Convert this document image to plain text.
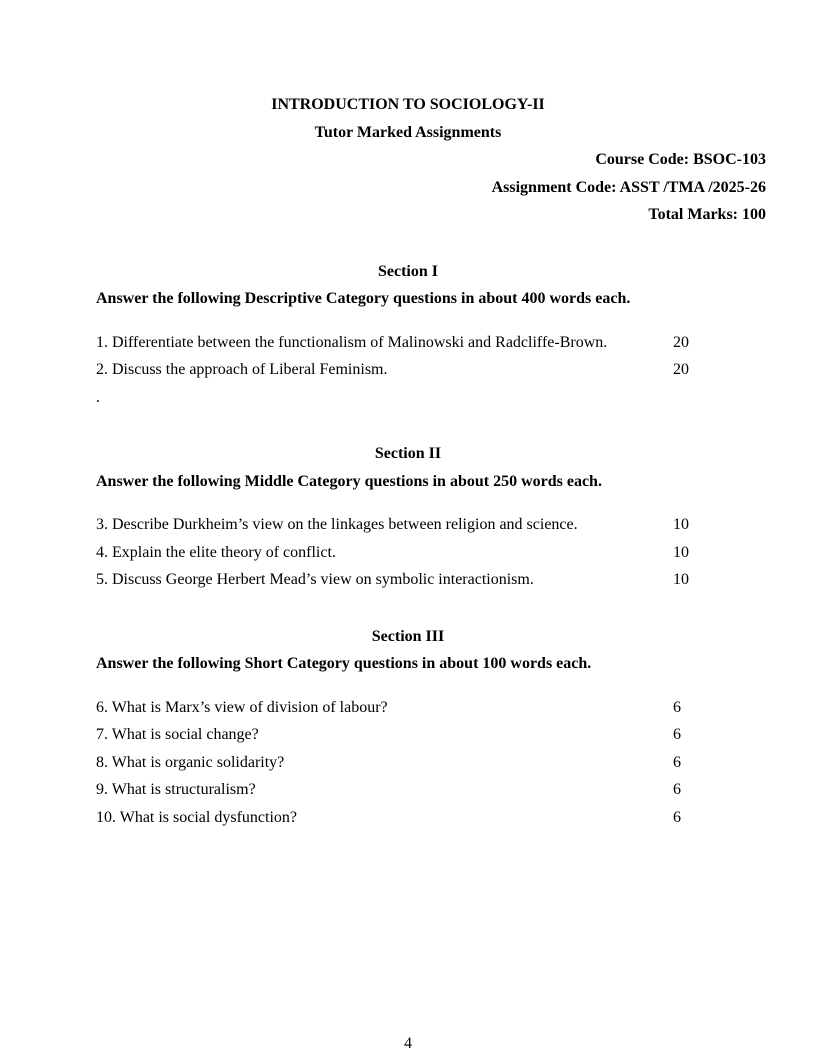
INTRODUCTION TO SOCIOLOGY-II
Tutor Marked Assignments
Course Code: BSOC-103
Assignment Code: ASST /TMA /2025-26
Total Marks: 100
Section I
Answer the following Descriptive Category questions in about 400 words each.
1. Differentiate between the functionalism of Malinowski and Radcliffe-Brown.	20
2. Discuss the approach of Liberal Feminism.	20
.
Section II
Answer the following Middle Category questions in about 250 words each.
3. Describe Durkheim’s view on the linkages between religion and science.	10
4. Explain the elite theory of conflict.	10
5. Discuss George Herbert Mead’s view on symbolic interactionism.	10
Section III
Answer the following Short Category questions in about 100 words each.
6. What is Marx’s view of division of labour?	6
7. What is social change?	6
8. What is organic solidarity?	6
9. What is structuralism?	6
10. What is social dysfunction?	6
4
